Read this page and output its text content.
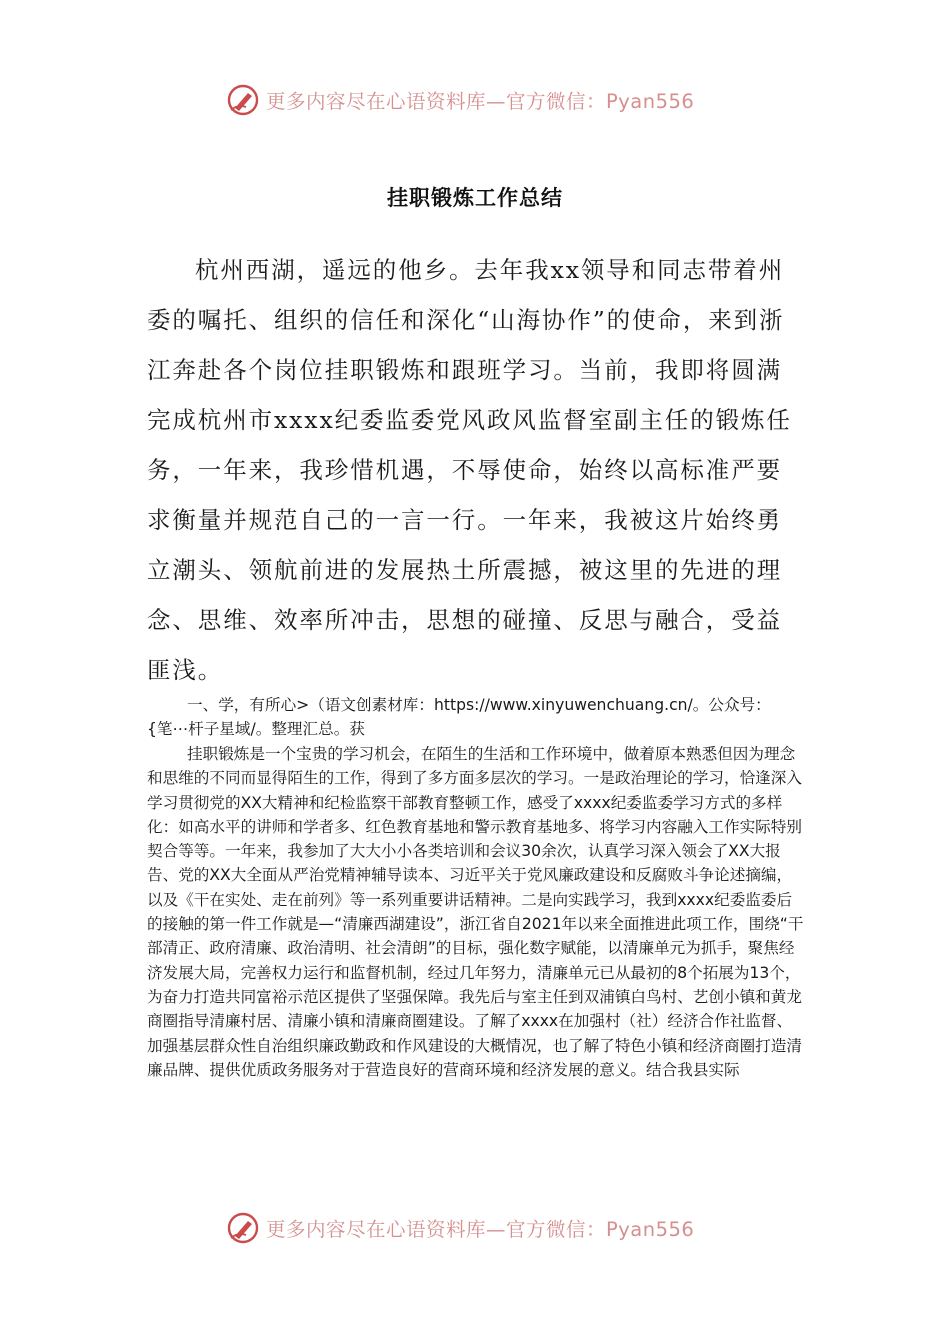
更多内容尽在心语资料库—官方微信：Pyan556
挂职锻炼工作总结

杭州西湖，遥远的他乡。去年我xx领导和同志带着州委的嘱托、组织的信任和深化“山海协作”的使命，来到浙江奔赴各个岗位挂职锻炼和跟班学习。当前，我即将圆满完成杭州市xxxx纪委监委党风政风监督室副主任的锻炼任务，一年来，我珍惜机遇，不辱使命，始终以高标准严要求衡量并规范自己的一言一行。一年来，我被这片始终勇立潮头、领航前进的发展热土所震撼，被这里的先进的理念、思维、效率所冲击，思想的碰撞、反思与融合，受益匪浅。

一、学，有所心>（语文创素材库：https://www.xinyuwenchuang.cn/。公众号：{笔⋯杆子星域/。整理汇总。获

挂职锻炼是一个宝贵的学习机会，在陌生的生活和工作环境中，做着原本熟悉但因为理念和思维的不同而显得陌生的工作，得到了多方面多层次的学习。一是政治理论的学习，恰逢深入学习贯彻党的XX大精神和纪检监察干部教育整顿工作，感受了xxxx纪委监委学习方式的多样化：如高水平的讲师和学者多、红色教育基地和警示教育基地多、将学习内容融入工作实际特别契合等等。一年来，我参加了大大小小各类培训和会议30余次，认真学习深入领会了XX大报告、党的XX大全面从严治党精神辅导读本、习近平关于党风廉政建设和反腐败斗争论述摘编，以及《干在实处、走在前列》等一系列重要讲话精神。二是向实践学习，我到xxxx纪委监委后的接触的第一件工作就是—“清廉西湖建设”，浙江省自2021年以来全面推进此项工作，围绕“干部清正、政府清廉、政治清明、社会清朗”的目标，强化数字赋能，以清廉单元为抓手，聚焦经济发展大局，完善权力运行和监督机制，经过几年努力，清廉单元已从最初的8个拓展为13个，为奋力打造共同富裕示范区提供了坚强保障。我先后与室主任到双浦镇白鸟村、艺创小镇和黄龙商圈指导清廉村居、清廉小镇和清廉商圈建设。了解了xxxx在加强村（社）经济合作社监督、加强基层群众性自治组织廉政勤政和作风建设的大概情况，也了解了特色小镇和经济商圈打造清廉品牌、提供优质政务服务对于营造良好的营商环境和经济发展的意义。结合我县实际

更多内容尽在心语资料库—官方微信：Pyan556
